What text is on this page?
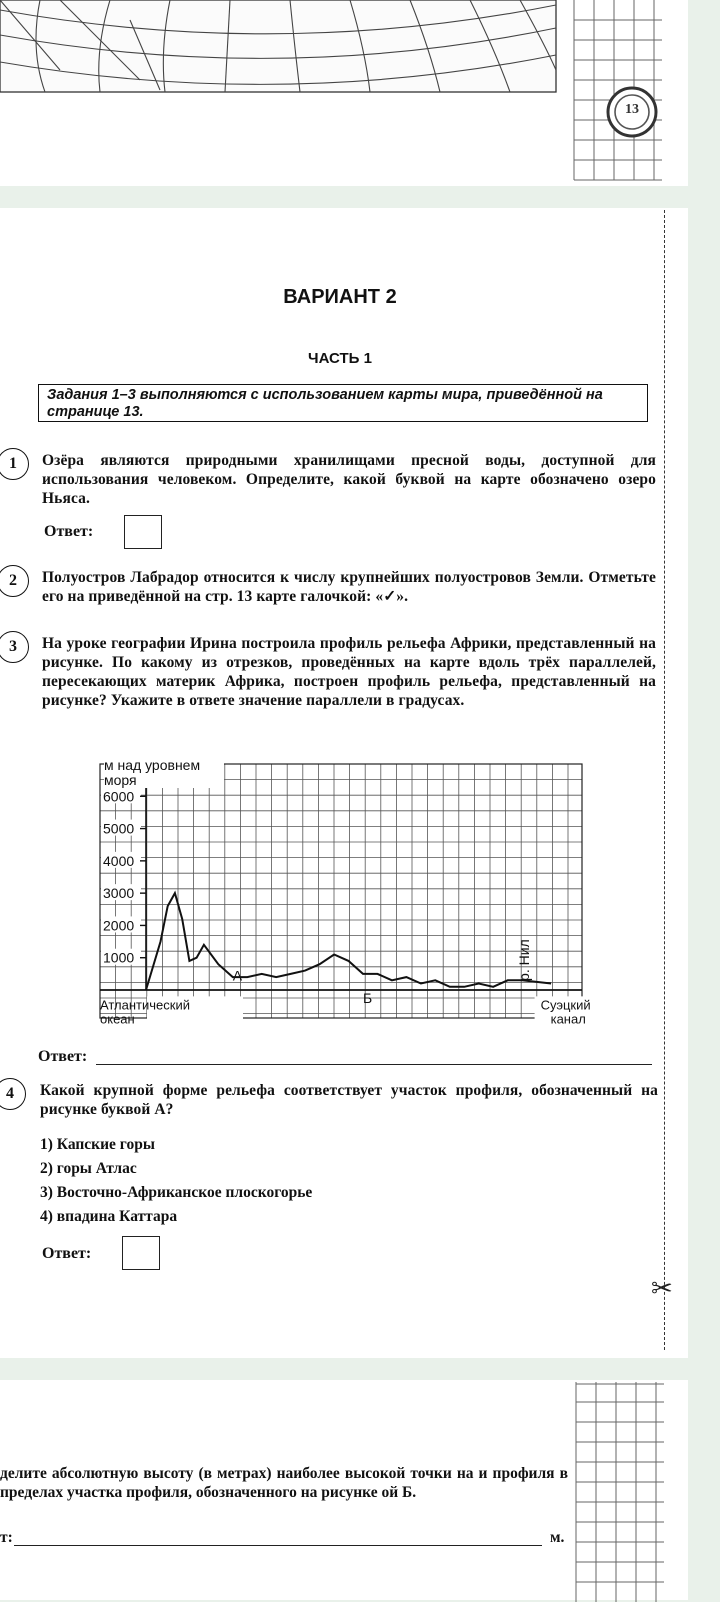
13
✂
ВАРИАНТ 2
ЧАСТЬ 1
Задания 1–3 выполняются с использованием карты мира, приведённой на странице 13.
1	Озёра являются природными хранилищами пресной воды, доступной для использования человеком. Определите, какой буквой на карте обозначено озеро Ньяса.
Ответ:
2	Полуостров Лабрадор относится к числу крупнейших полуостровов Земли. Отметьте его на приведённой на стр. 13 карте галочкой: «✓».
3	На уроке географии Ирина построила профиль рельефа Африки, представленный на рисунке. По какому из отрезков, проведённых на карте вдоль трёх параллелей, пересекающих материк Африка, построен профиль рельефа, представленный на рисунке? Укажите в ответе значение параллели в градусах.
1000
2000
3000
4000
5000
6000
А
Б
р. Нил
Атлантический океан
Суэцкий канал
м над уровнем моря
Ответ:
4	Какой крупной форме рельефа соответствует участок профиля, обозначенный на рисунке буквой А?
1) Капские горы
2) горы Атлас
3) Восточно-Африканское плоскогорье
4) впадина Каттара
Ответ:
делите абсолютную высоту (в метрах) наиболее высокой точки на и профиля в пределах участка профиля, обозначенного на рисунке ой Б.
т:	м.
